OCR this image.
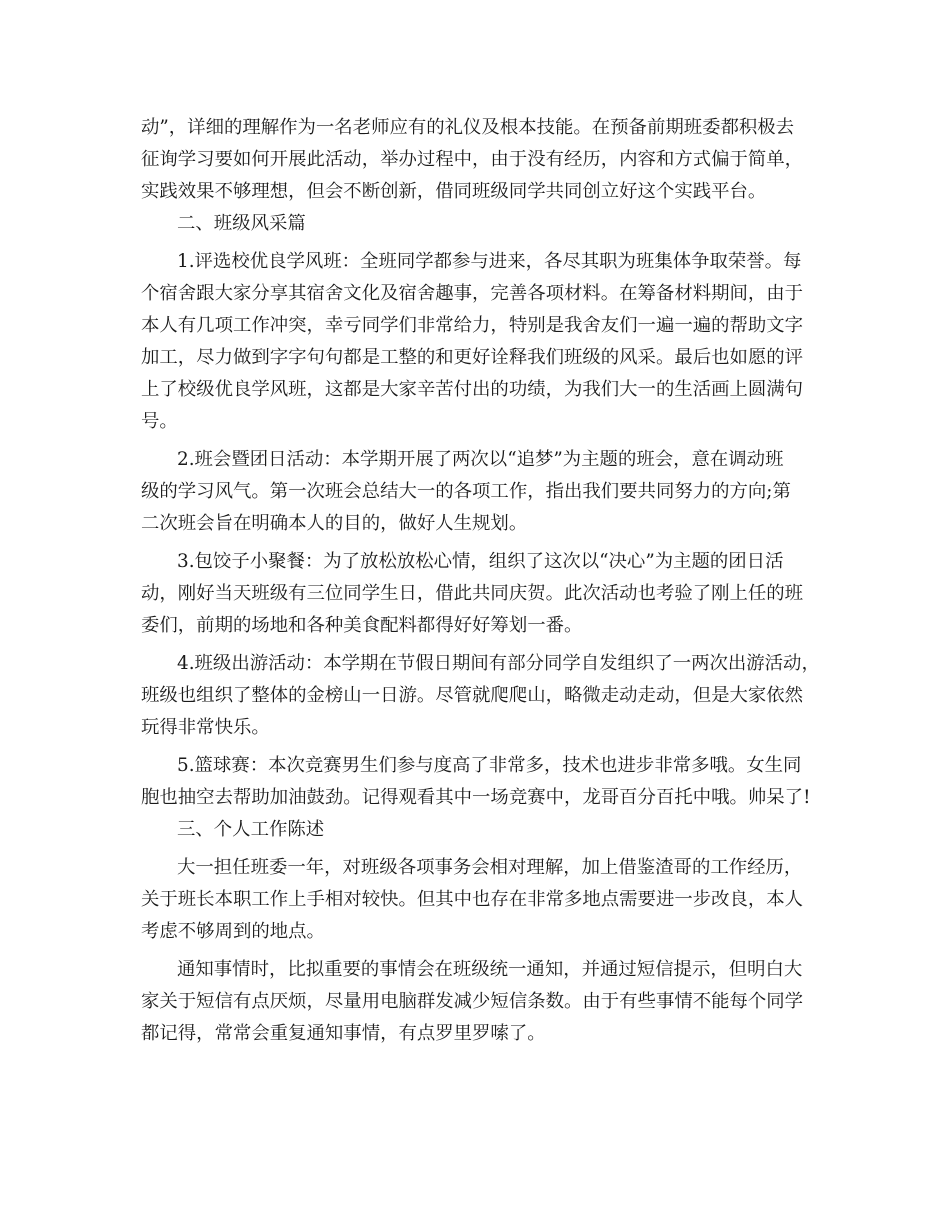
动”，详细的理解作为一名老师应有的礼仪及根本技能。在预备前期班委都积极去
征询学习要如何开展此活动，举办过程中，由于没有经历，内容和方式偏于简单，
实践效果不够理想，但会不断创新，借同班级同学共同创立好这个实践平台。
二、班级风采篇
1.评选校优良学风班：全班同学都参与进来，各尽其职为班集体争取荣誉。每
个宿舍跟大家分享其宿舍文化及宿舍趣事，完善各项材料。在筹备材料期间，由于
本人有几项工作冲突，幸亏同学们非常给力，特别是我舍友们一遍一遍的帮助文字
加工，尽力做到字字句句都是工整的和更好诠释我们班级的风采。最后也如愿的评
上了校级优良学风班，这都是大家辛苦付出的功绩，为我们大一的生活画上圆满句
号。
2.班会暨团日活动：本学期开展了两次以“追梦”为主题的班会，意在调动班
级的学习风气。第一次班会总结大一的各项工作，指出我们要共同努力的方向;第
二次班会旨在明确本人的目的，做好人生规划。
3.包饺子小聚餐：为了放松放松心情，组织了这次以“决心”为主题的团日活
动，刚好当天班级有三位同学生日，借此共同庆贺。此次活动也考验了刚上任的班
委们，前期的场地和各种美食配料都得好好筹划一番。
4.班级出游活动：本学期在节假日期间有部分同学自发组织了一两次出游活动，
班级也组织了整体的金榜山一日游。尽管就爬爬山，略微走动走动，但是大家依然
玩得非常快乐。
5.篮球赛：本次竞赛男生们参与度高了非常多，技术也进步非常多哦。女生同
胞也抽空去帮助加油鼓劲。记得观看其中一场竞赛中，龙哥百分百托中哦。帅呆了!
三、个人工作陈述
大一担任班委一年，对班级各项事务会相对理解，加上借鉴渣哥的工作经历，
关于班长本职工作上手相对较快。但其中也存在非常多地点需要进一步改良，本人
考虑不够周到的地点。
通知事情时，比拟重要的事情会在班级统一通知，并通过短信提示，但明白大
家关于短信有点厌烦，尽量用电脑群发减少短信条数。由于有些事情不能每个同学
都记得，常常会重复通知事情，有点罗里罗嗦了。
